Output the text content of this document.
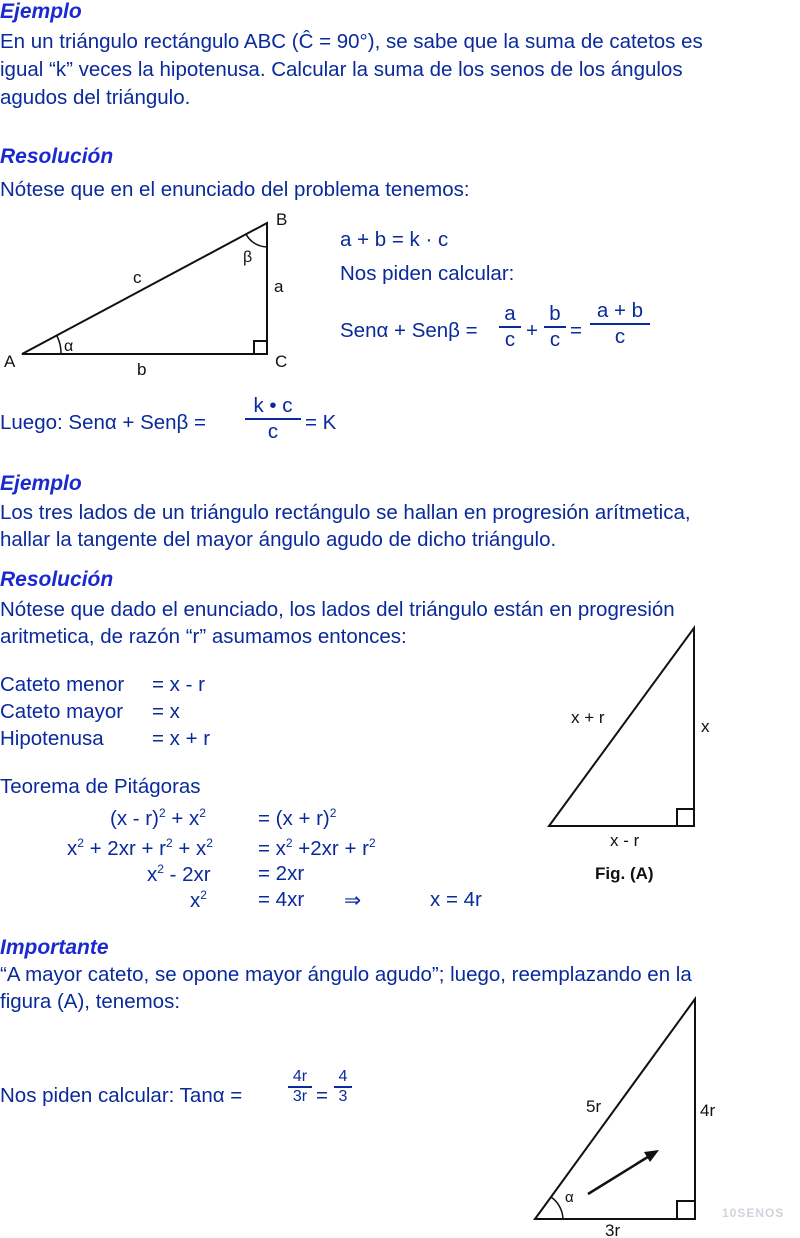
Ejemplo
En un triángulo rectángulo ABC (Ĉ = 90°), se sabe que la suma de catetos es
igual “k” veces la hipotenusa. Calcular la suma de los senos de los ángulos
agudos del triángulo.
Resolución
Nótese que en el enunciado del problema tenemos:
B
A	C
c	a
b
α
β
a + b = k · c
Nos piden calcular:
Senα + Senβ =
a
c +
b
c =
a + b
c
Luego: Senα + Senβ =
k • c
c	= K
Ejemplo
Los tres lados de un triángulo rectángulo se hallan en progresión arítmetica,
hallar la tangente del mayor ángulo agudo de dicho triángulo.
Resolución
Nótese que dado el enunciado, los lados del triángulo están en progresión
aritmetica, de razón “r” asumamos entonces:
Cateto menor = x - r
Cateto mayor = x
Hipotenusa = x + r
Teorema de Pitágoras
$(x - r)^2 + x^2$	= $(x + r)^2$
$x^2 + 2xr + r^2 + x^2 = x^2 +2xr + r^2$
$x^2 - 2xr = 2xr$
$x^2 = 4xr$ ⇒	x = 4r
x + r	x
x - r
Fig. (A)
Importante
“A mayor cateto, se opone mayor ángulo agudo”; luego, reemplazando en la
figura (A), tenemos:
Nos piden calcular: Tanα =
4r
3r =
4
3
5r	4r
3r
α
10SENOS
